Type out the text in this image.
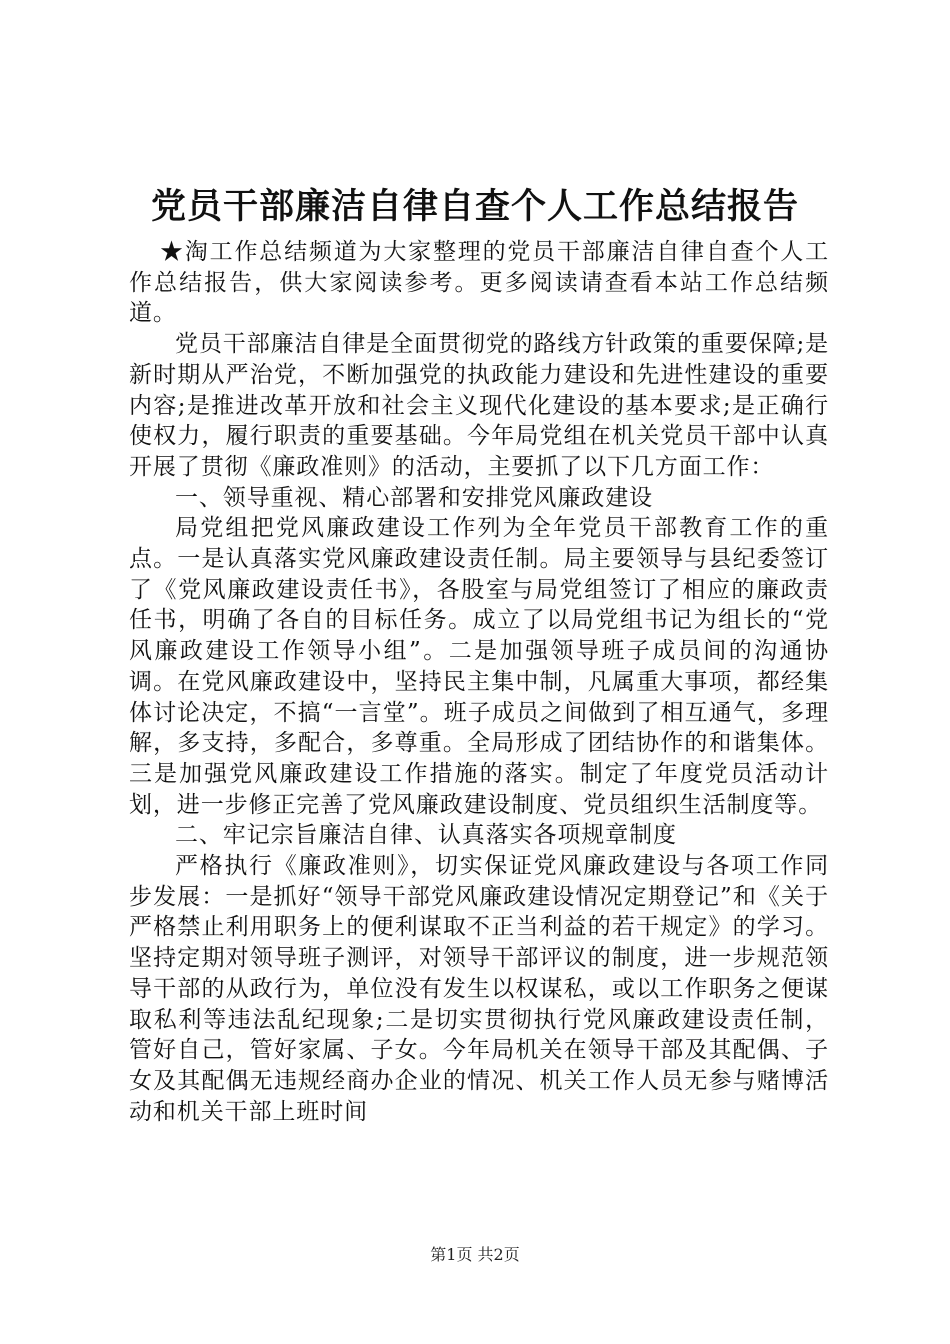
党员干部廉洁自律自查个人工作总结报告

★淘工作总结频道为大家整理的党员干部廉洁自律自查个人工作总结报告，供大家阅读参考。更多阅读请查看本站工作总结频道。

党员干部廉洁自律是全面贯彻党的路线方针政策的重要保障;是新时期从严治党，不断加强党的执政能力建设和先进性建设的重要内容;是推进改革开放和社会主义现代化建设的基本要求;是正确行使权力，履行职责的重要基础。今年局党组在机关党员干部中认真开展了贯彻《廉政准则》的活动，主要抓了以下几方面工作：

一、领导重视、精心部署和安排党风廉政建设

局党组把党风廉政建设工作列为全年党员干部教育工作的重点。一是认真落实党风廉政建设责任制。局主要领导与县纪委签订了《党风廉政建设责任书》，各股室与局党组签订了相应的廉政责任书，明确了各自的目标任务。成立了以局党组书记为组长的“党风廉政建设工作领导小组”。二是加强领导班子成员间的沟通协调。在党风廉政建设中，坚持民主集中制，凡属重大事项，都经集体讨论决定，不搞“一言堂”。班子成员之间做到了相互通气，多理解，多支持，多配合，多尊重。全局形成了团结协作的和谐集体。三是加强党风廉政建设工作措施的落实。制定了年度党员活动计划，进一步修正完善了党风廉政建设制度、党员组织生活制度等。

二、牢记宗旨廉洁自律、认真落实各项规章制度

严格执行《廉政准则》，切实保证党风廉政建设与各项工作同步发展：一是抓好“领导干部党风廉政建设情况定期登记”和《关于严格禁止利用职务上的便利谋取不正当利益的若干规定》的学习。坚持定期对领导班子测评，对领导干部评议的制度，进一步规范领导干部的从政行为，单位没有发生以权谋私，或以工作职务之便谋取私利等违法乱纪现象;二是切实贯彻执行党风廉政建设责任制，管好自己，管好家属、子女。今年局机关在领导干部及其配偶、子女及其配偶无违规经商办企业的情况、机关工作人员无参与赌博活动和机关干部上班时间

第1页 共2页
